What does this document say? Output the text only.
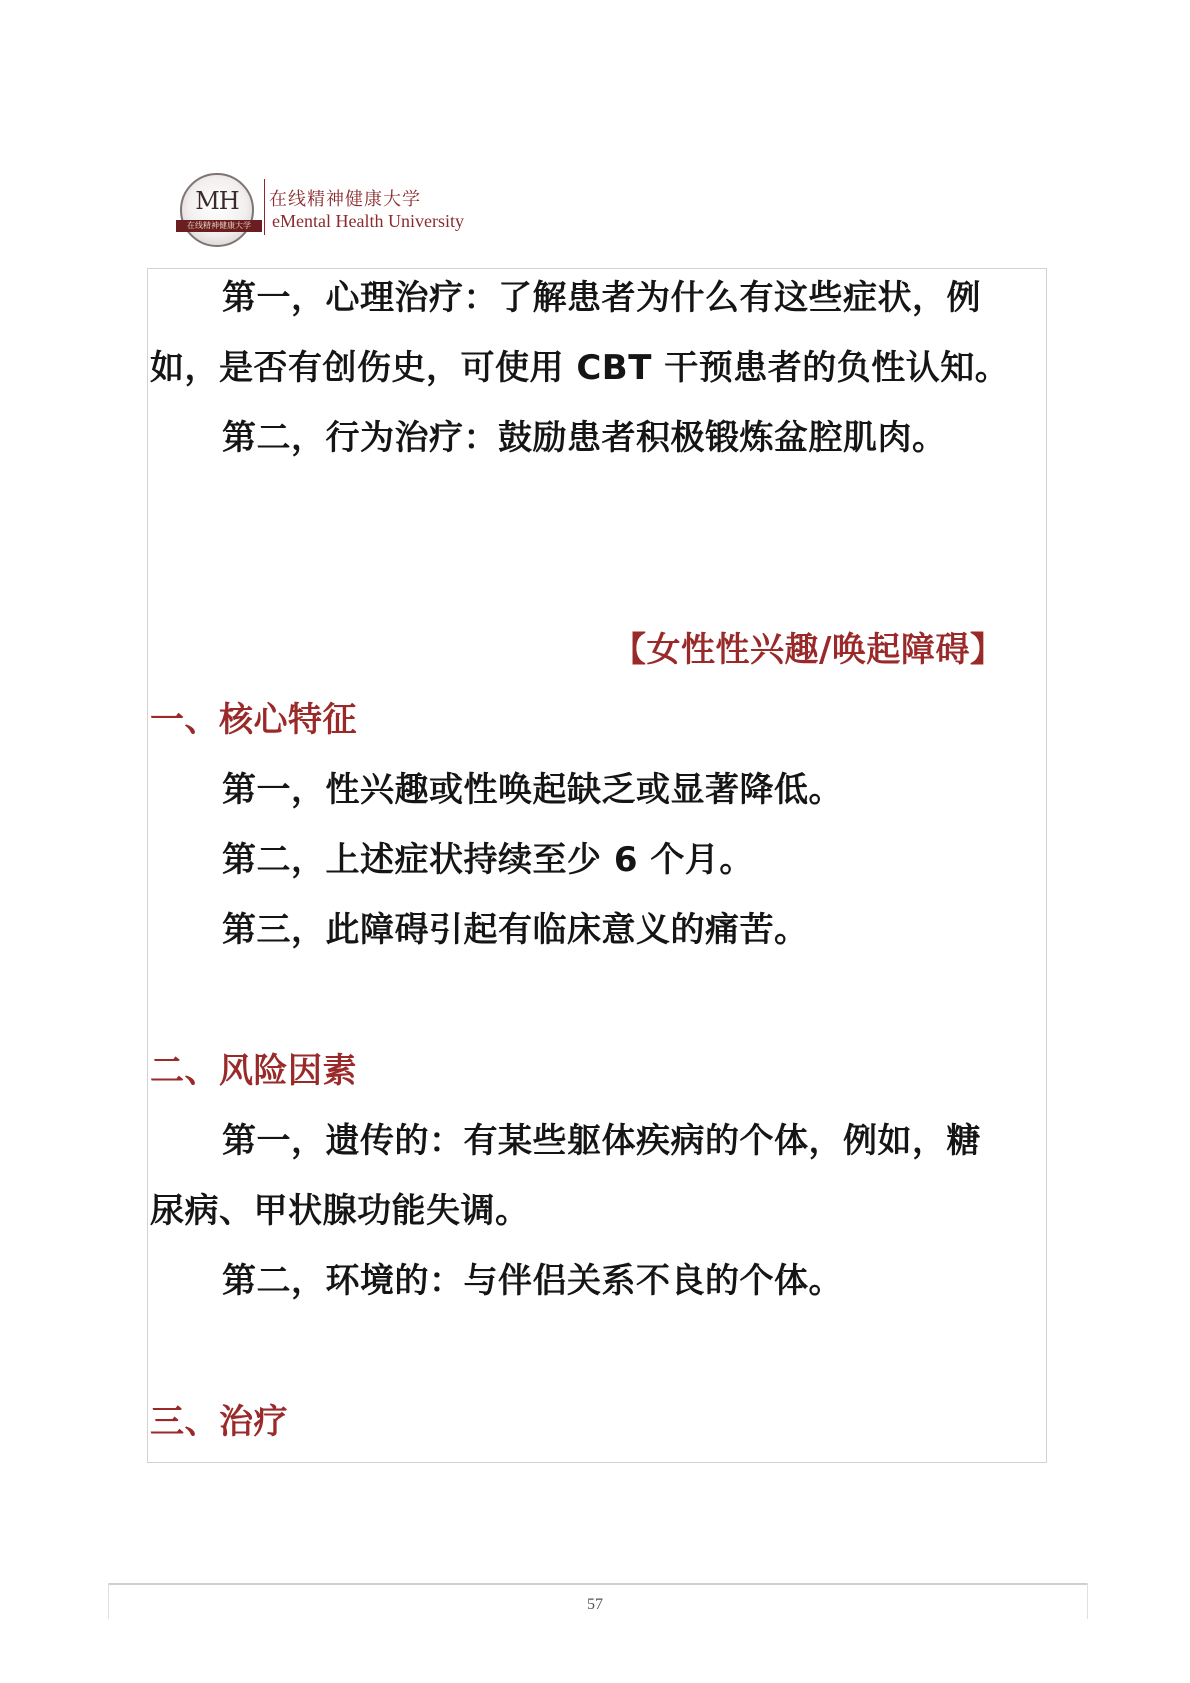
MH
在线精神健康大学
在线精神健康大学
eMental Health University
第一，心理治疗：了解患者为什么有这些症状，例
如，是否有创伤史，可使用 CBT 干预患者的负性认知。
第二，行为治疗：鼓励患者积极锻炼盆腔肌肉。
【女性性兴趣/唤起障碍】
一、核心特征
第一，性兴趣或性唤起缺乏或显著降低。
第二，上述症状持续至少 6 个月。
第三，此障碍引起有临床意义的痛苦。
二、风险因素
第一，遗传的：有某些躯体疾病的个体，例如，糖
尿病、甲状腺功能失调。
第二，环境的：与伴侣关系不良的个体。
三、治疗
57
